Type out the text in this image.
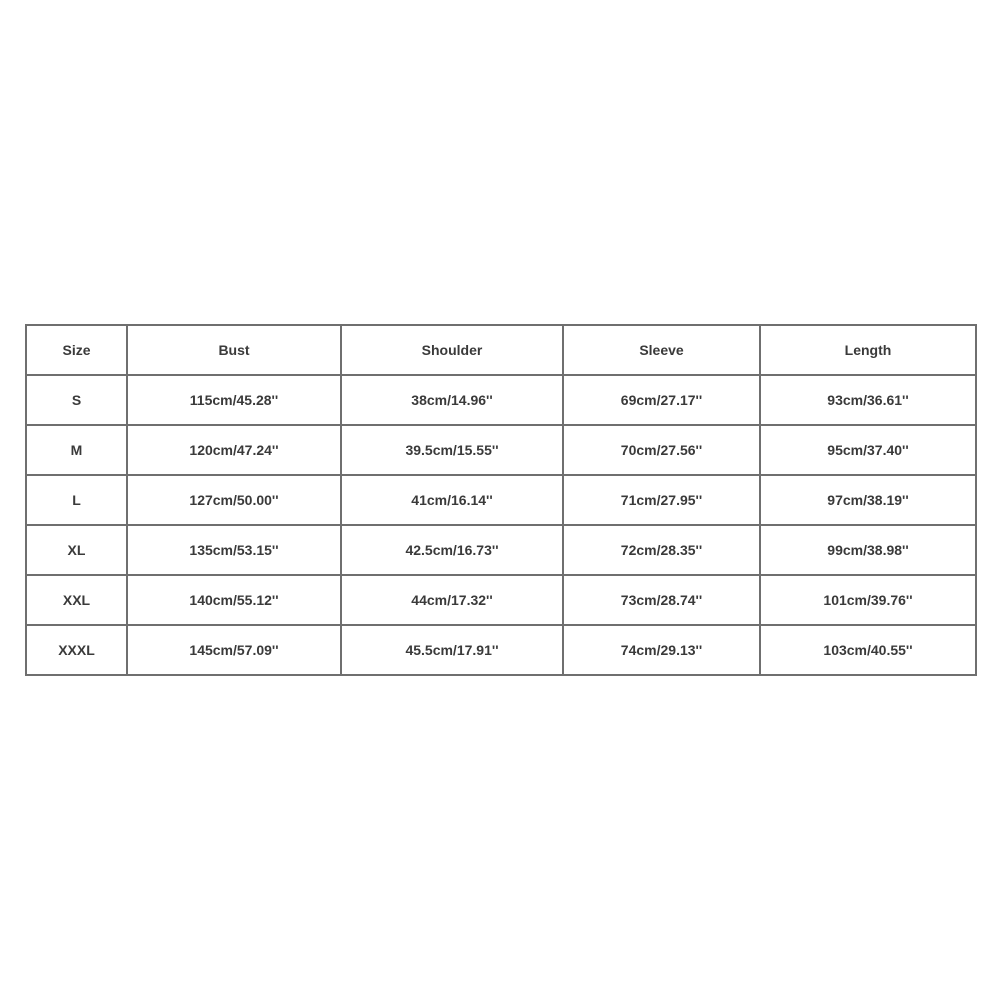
Size	Bust	Shoulder	Sleeve	Length
S	115cm/45.28''	38cm/14.96''	69cm/27.17''	93cm/36.61''
M	120cm/47.24''	39.5cm/15.55''	70cm/27.56''	95cm/37.40''
L	127cm/50.00''	41cm/16.14''	71cm/27.95''	97cm/38.19''
XL	135cm/53.15''	42.5cm/16.73''	72cm/28.35''	99cm/38.98''
XXL	140cm/55.12''	44cm/17.32''	73cm/28.74''	101cm/39.76''
XXXL	145cm/57.09''	45.5cm/17.91''	74cm/29.13''	103cm/40.55''
